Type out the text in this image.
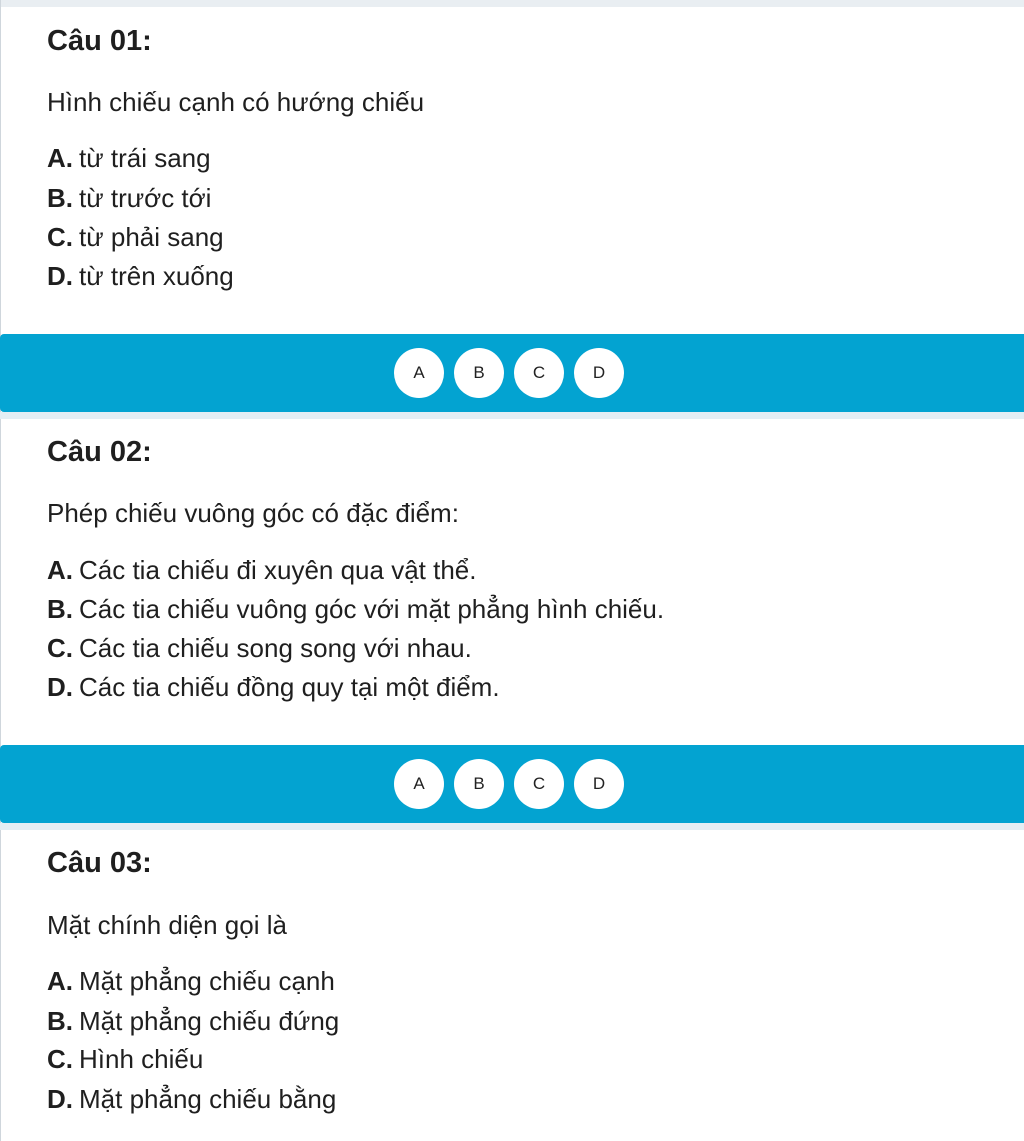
Câu 01:
Hình chiếu cạnh có hướng chiếu
A. từ trái sang
B. từ trước tới
C. từ phải sang
D. từ trên xuống
A	B	C	D
Câu 02:
Phép chiếu vuông góc có đặc điểm:
A. Các tia chiếu đi xuyên qua vật thể.
B. Các tia chiếu vuông góc với mặt phẳng hình chiếu.
C. Các tia chiếu song song với nhau.
D. Các tia chiếu đồng quy tại một điểm.
A	B	C	D
Câu 03:
Mặt chính diện gọi là
A. Mặt phẳng chiếu cạnh
B. Mặt phẳng chiếu đứng
C. Hình chiếu
D. Mặt phẳng chiếu bằng
